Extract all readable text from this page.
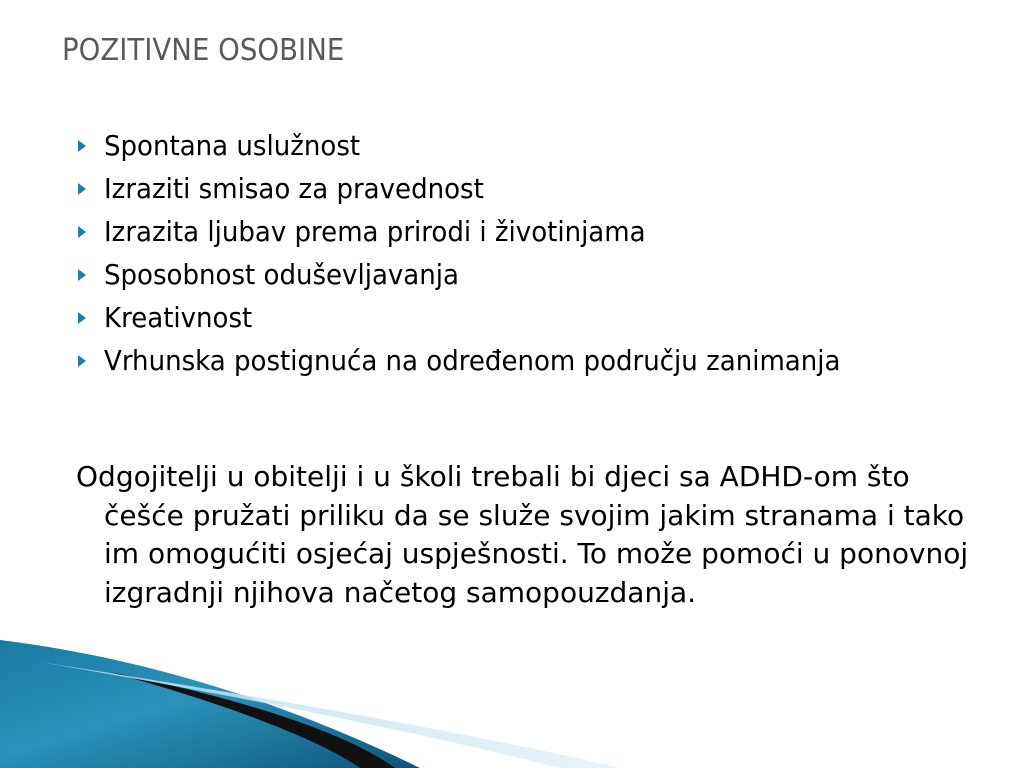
POZITIVNE OSOBINE
Spontana uslužnost
Izraziti smisao za pravednost
Izrazita ljubav prema prirodi i životinjama
Sposobnost oduševljavanja
Kreativnost
Vrhunska postignuća na određenom području zanimanja

Odgojitelji u obitelji i u školi trebali bi djeci sa ADHD-om što češće pružati priliku da se služe svojim jakim stranama i tako im omogućiti osjećaj uspješnosti. To može pomoći u ponovnoj izgradnji njihova načetog samopouzdanja.
